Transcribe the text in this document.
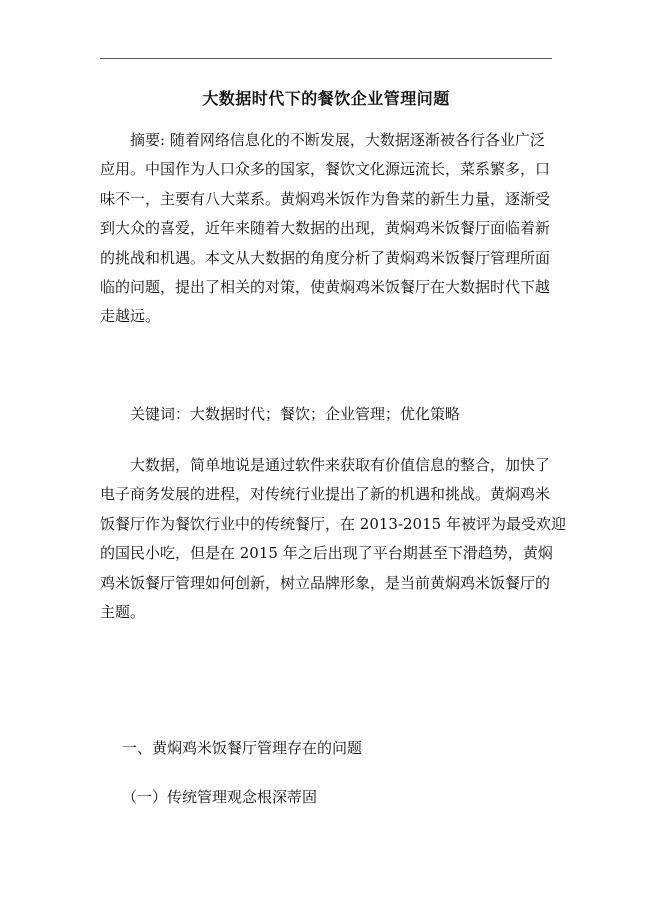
大数据时代下的餐饮企业管理问题
摘要: 随着网络信息化的不断发展，大数据逐渐被各行各业广泛
应用。中国作为人口众多的国家，餐饮文化源远流长，菜系繁多，口
味不一，主要有八大菜系。黄焖鸡米饭作为鲁菜的新生力量，逐渐受
到大众的喜爱，近年来随着大数据的出现，黄焖鸡米饭餐厅面临着新
的挑战和机遇。本文从大数据的角度分析了黄焖鸡米饭餐厅管理所面
临的问题，提出了相关的对策，使黄焖鸡米饭餐厅在大数据时代下越
走越远。
关键词：大数据时代；餐饮；企业管理；优化策略
大数据，简单地说是通过软件来获取有价值信息的整合，加快了
电子商务发展的进程，对传统行业提出了新的机遇和挑战。黄焖鸡米
饭餐厅作为餐饮行业中的传统餐厅，在 2013-2015 年被评为最受欢迎
的国民小吃，但是在 2015 年之后出现了平台期甚至下滑趋势，黄焖
鸡米饭餐厅管理如何创新，树立品牌形象，是当前黄焖鸡米饭餐厅的
主题。
一、黄焖鸡米饭餐厅管理存在的问题
（一）传统管理观念根深蒂固
